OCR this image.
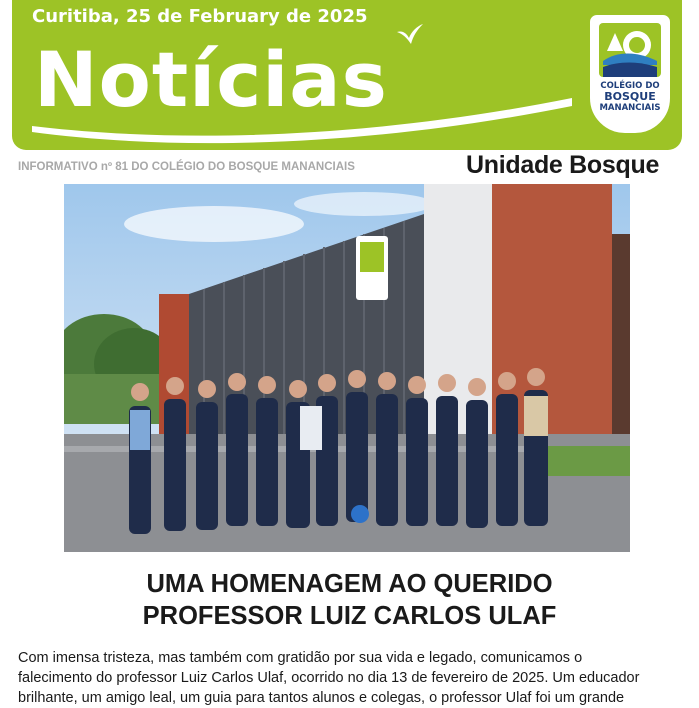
Curitiba, 25 de February de 2025
Notícias	COLÉGIO DO
BOSQUE
MANANCIAIS
INFORMATIVO nº 81 DO COLÉGIO DO BOSQUE MANANCIAIS	Unidade Bosque
UMA HOMENAGEM AO QUERIDO
PROFESSOR LUIZ CARLOS ULAF
Com imensa tristeza, mas também com gratidão por sua vida e legado, comunicamos o
falecimento do professor Luiz Carlos Ulaf, ocorrido no dia 13 de fevereiro de 2025. Um educador
brilhante, um amigo leal, um guia para tantos alunos e colegas, o professor Ulaf foi um grande
